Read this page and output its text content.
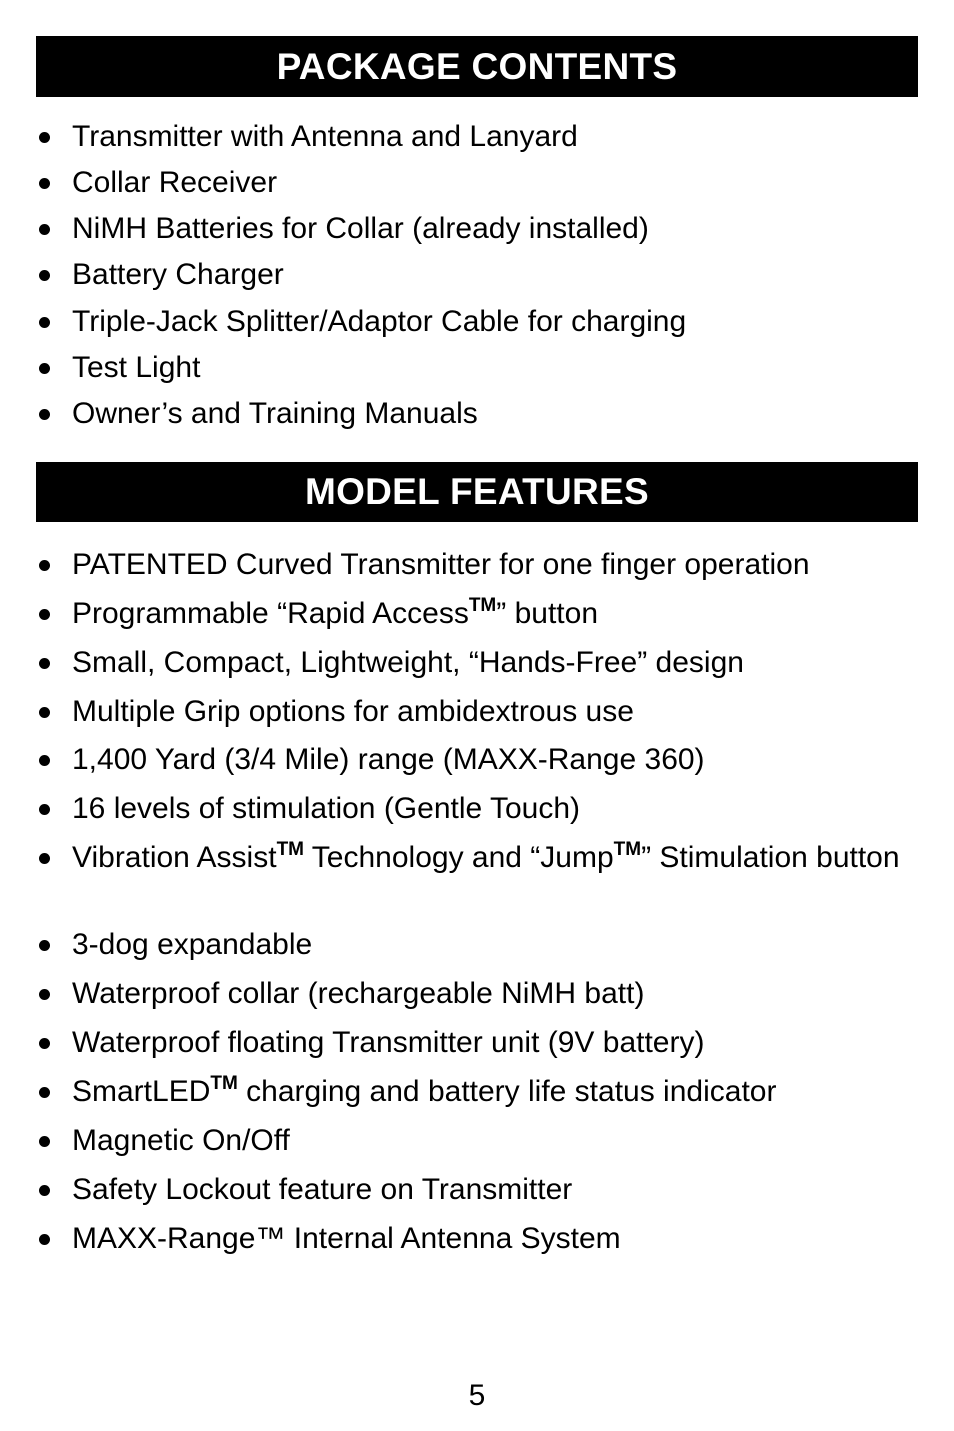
PACKAGE CONTENTS
Transmitter with Antenna and Lanyard
Collar Receiver
NiMH Batteries for Collar (already installed)
Battery Charger
Triple-Jack Splitter/Adaptor Cable for charging
Test Light
Owner’s and Training Manuals
MODEL FEATURES
PATENTED Curved Transmitter for one finger operation
Programmable “Rapid Access™” button
Small, Compact, Lightweight, “Hands-Free” design
Multiple Grip options for ambidextrous use
1,400 Yard (3/4 Mile) range (MAXX-Range 360)
16 levels of stimulation (Gentle Touch)
Vibration Assist™ Technology and “Jump™” Stimulation button
3-dog expandable
Waterproof collar (rechargeable NiMH batt)
Waterproof floating Transmitter unit (9V battery)
SmartLED™ charging and battery life status indicator
Magnetic On/Off
Safety Lockout feature on Transmitter
MAXX-Range™ Internal Antenna System
5
